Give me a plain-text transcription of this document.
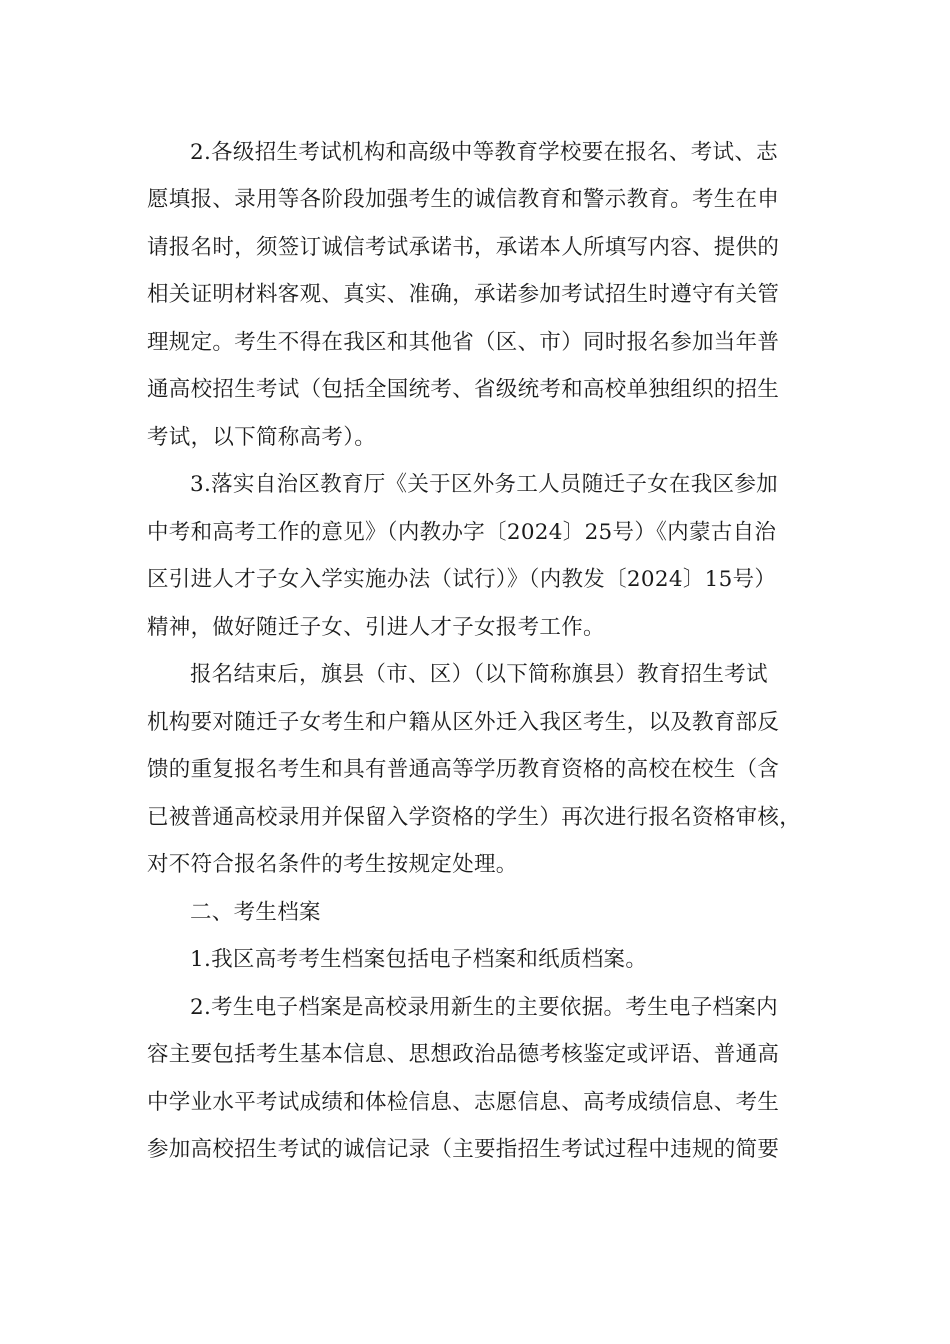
2.各级招生考试机构和高级中等教育学校要在报名、考试、志
愿填报、录用等各阶段加强考生的诚信教育和警示教育。考生在申
请报名时，须签订诚信考试承诺书，承诺本人所填写内容、提供的
相关证明材料客观、真实、准确，承诺参加考试招生时遵守有关管
理规定。考生不得在我区和其他省（区、市）同时报名参加当年普
通高校招生考试（包括全国统考、省级统考和高校单独组织的招生
考试，以下简称高考）。
3.落实自治区教育厅《关于区外务工人员随迁子女在我区参加
中考和高考工作的意见》（内教办字〔2024〕25号）《内蒙古自治
区引进人才子女入学实施办法（试行）》（内教发〔2024〕15号）
精神，做好随迁子女、引进人才子女报考工作。
报名结束后，旗县（市、区）（以下简称旗县）教育招生考试
机构要对随迁子女考生和户籍从区外迁入我区考生，以及教育部反
馈的重复报名考生和具有普通高等学历教育资格的高校在校生（含
已被普通高校录用并保留入学资格的学生）再次进行报名资格审核，
对不符合报名条件的考生按规定处理。
二、考生档案
1.我区高考考生档案包括电子档案和纸质档案。
2.考生电子档案是高校录用新生的主要依据。考生电子档案内
容主要包括考生基本信息、思想政治品德考核鉴定或评语、普通高
中学业水平考试成绩和体检信息、志愿信息、高考成绩信息、考生
参加高校招生考试的诚信记录（主要指招生考试过程中违规的简要
